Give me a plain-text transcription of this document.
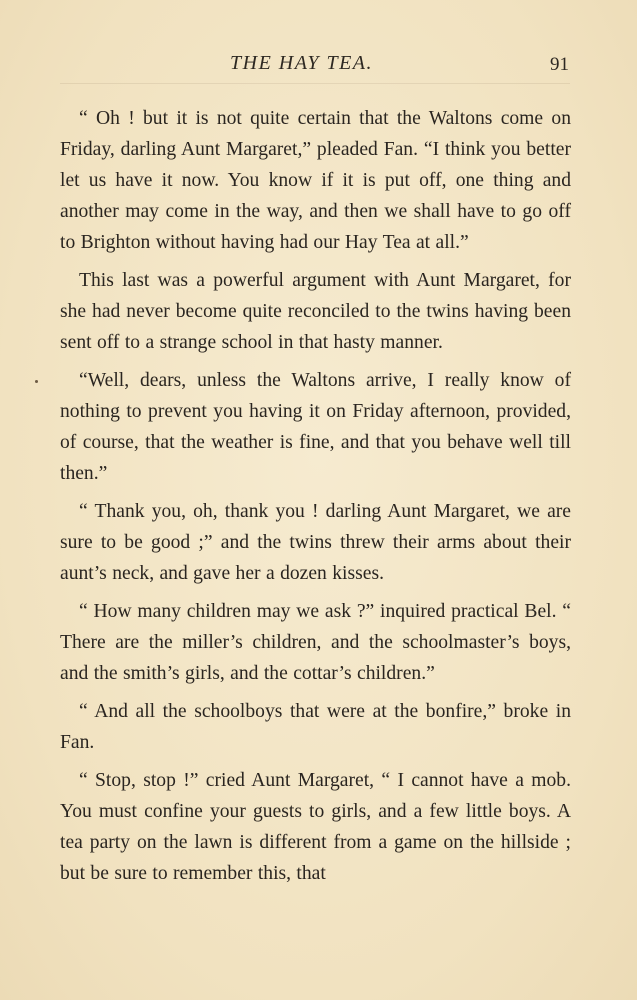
THE HAY TEA.	91

“ Oh ! but it is not quite certain that the Waltons come on Friday, darling Aunt Margaret,” pleaded Fan. “I think you better let us have it now. You know if it is put off, one thing and another may come in the way, and then we shall have to go off to Brighton without having had our Hay Tea at all.”

This last was a powerful argument with Aunt Margaret, for she had never become quite reconciled to the twins having been sent off to a strange school in that hasty manner.

“Well, dears, unless the Waltons arrive, I really know of nothing to prevent you having it on Friday afternoon, provided, of course, that the weather is fine, and that you behave well till then.”

“ Thank you, oh, thank you ! darling Aunt Margaret, we are sure to be good ;” and the twins threw their arms about their aunt’s neck, and gave her a dozen kisses.

“ How many children may we ask ?” inquired practical Bel. “ There are the miller’s children, and the schoolmaster’s boys, and the smith’s girls, and the cottar’s children.”

“ And all the schoolboys that were at the bonfire,” broke in Fan.

“ Stop, stop !” cried Aunt Margaret, “ I cannot have a mob. You must confine your guests to girls, and a few little boys. A tea party on the lawn is different from a game on the hillside ; but be sure to remember this, that
